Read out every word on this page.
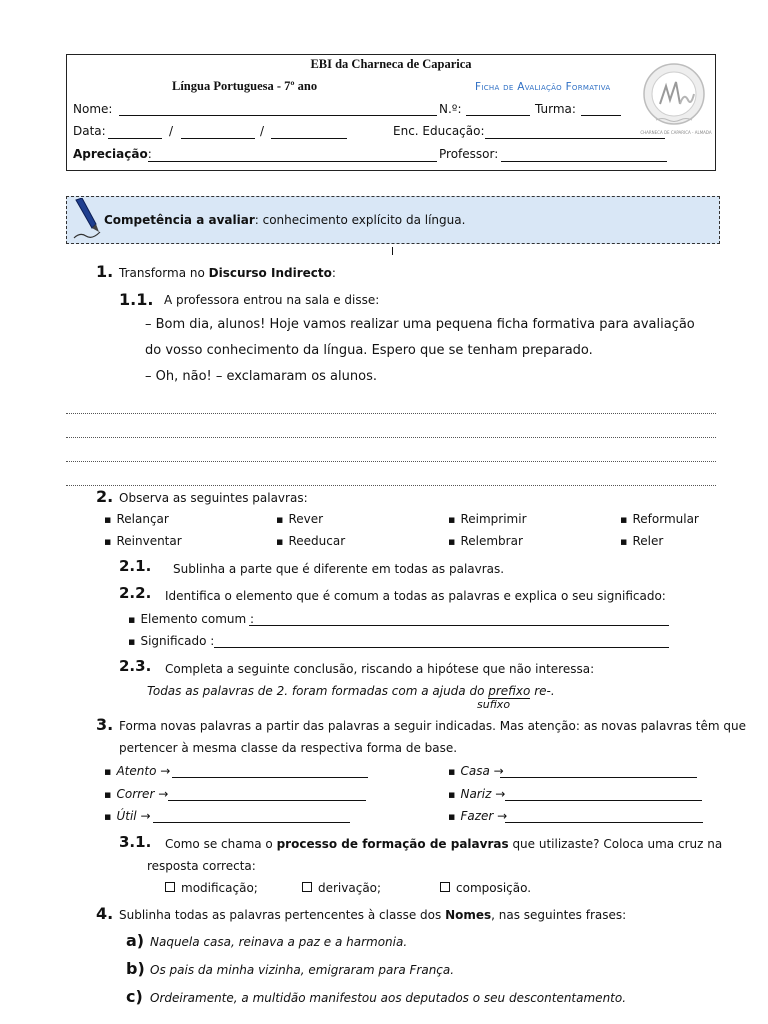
EBI da Charneca de Caparica
Língua Portuguesa - 7º ano	Ficha de Avaliação Formativa
CHARNECA DE CAPARICA - ALMADA
Nome:	N.º:	Turma:
Data:	/	/	Enc. Educação:
Apreciação:	Professor:
Competência a avaliar: conhecimento explícito da língua.
1. Transforma no Discurso Indirecto:
1.1. A professora entrou na sala e disse:
– Bom dia, alunos! Hoje vamos realizar uma pequena ficha formativa para avaliação
do vosso conhecimento da língua. Espero que se tenham preparado.
– Oh, não! – exclamaram os alunos.
2. Observa as seguintes palavras:
▪ Relançar	▪ Rever	▪ Reimprimir	▪ Reformular
▪ Reinventar	▪ Reeducar	▪ Relembrar	▪ Reler
2.1. Sublinha a parte que é diferente em todas as palavras.
2.2. Identifica o elemento que é comum a todas as palavras e explica o seu significado:
▪ Elemento comum :
▪ Significado :
2.3. Completa a seguinte conclusão, riscando a hipótese que não interessa:
Todas as palavras de 2. foram formadas com a ajuda do prefixo re-.
sufixo
3. Forma novas palavras a partir das palavras a seguir indicadas. Mas atenção: as novas palavras têm que
pertencer à mesma classe da respectiva forma de base.
▪ Atento →	▪ Casa →
▪ Correr →	▪ Nariz →
▪ Útil →	▪ Fazer →
3.1. Como se chama o processo de formação de palavras que utilizaste? Coloca uma cruz na
resposta correcta:
modificação;	derivação;	composição.
4. Sublinha todas as palavras pertencentes à classe dos Nomes, nas seguintes frases:
a) Naquela casa, reinava a paz e a harmonia.
b) Os pais da minha vizinha, emigraram para França.
c) Ordeiramente, a multidão manifestou aos deputados o seu descontentamento.
